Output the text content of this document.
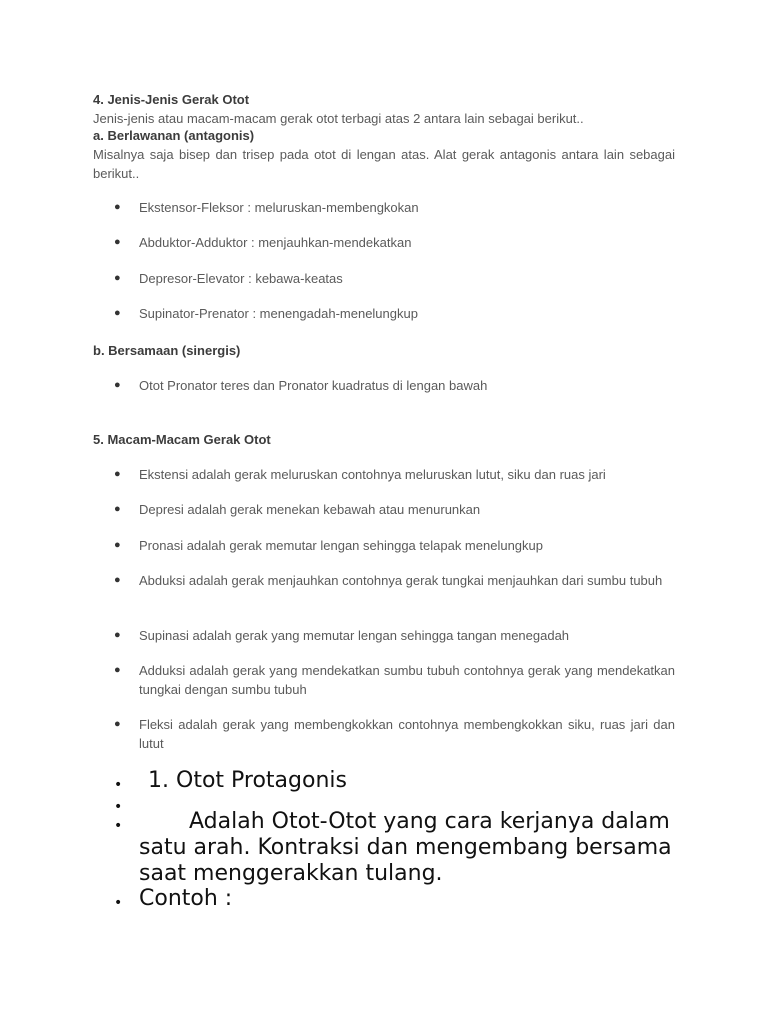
4. Jenis-Jenis Gerak Otot
Jenis-jenis atau macam-macam gerak otot terbagi atas 2 antara lain sebagai berikut..
a. Berlawanan (antagonis)
Misalnya saja bisep dan trisep pada otot di lengan atas. Alat gerak antagonis antara lain sebagai berikut..
● Ekstensor-Fleksor : meluruskan-membengkokan
● Abduktor-Adduktor : menjauhkan-mendekatkan
● Depresor-Elevator : kebawa-keatas
● Supinator-Prenator : menengadah-menelungkup
b. Bersamaan (sinergis)
● Otot Pronator teres dan Pronator kuadratus di lengan bawah
5. Macam-Macam Gerak Otot
● Ekstensi adalah gerak meluruskan contohnya meluruskan lutut, siku dan ruas jari
● Depresi adalah gerak menekan kebawah atau menurunkan
● Pronasi adalah gerak memutar lengan sehingga telapak menelungkup
● Abduksi adalah gerak menjauhkan contohnya gerak tungkai menjauhkan dari sumbu tubuh
● Supinasi adalah gerak yang memutar lengan sehingga tangan menegadah
● Adduksi adalah gerak yang mendekatkan sumbu tubuh contohnya gerak yang mendekatkan tungkai dengan sumbu tubuh
● Fleksi adalah gerak yang membengkokkan contohnya membengkokkan siku, ruas jari dan lutut
• 1. Otot Protagonis
•
•	Adalah Otot-Otot yang cara kerjanya dalam satu arah. Kontraksi dan mengembang bersama saat menggerakkan tulang.
• Contoh :
